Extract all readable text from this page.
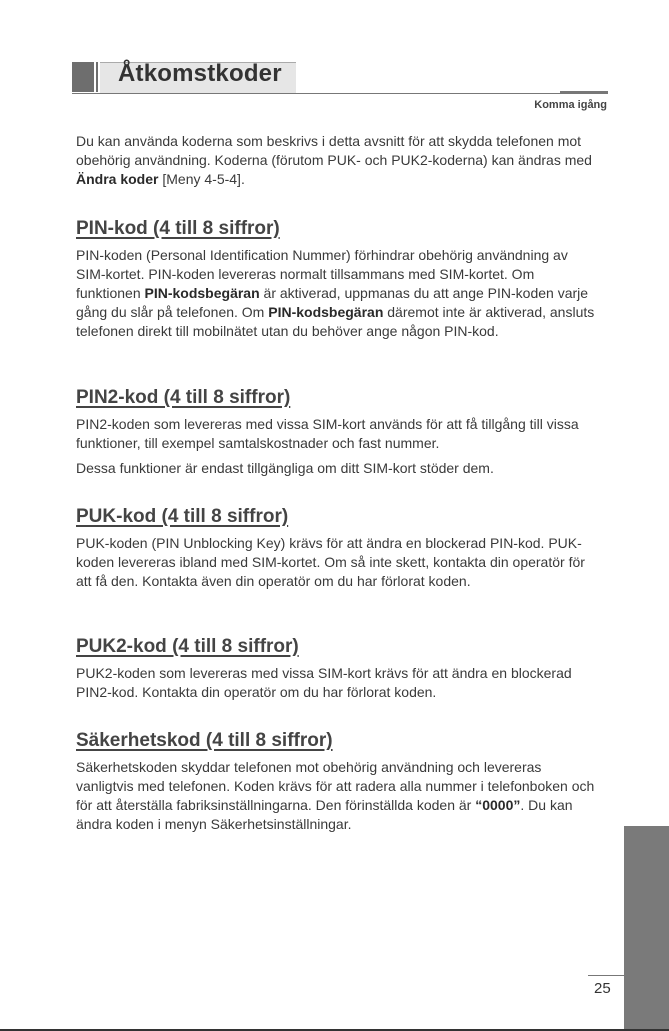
Åtkomstkoder
Komma igång

Du kan använda koderna som beskrivs i detta avsnitt för att skydda telefonen mot obehörig användning. Koderna (förutom PUK- och PUK2-koderna) kan ändras med Ändra koder [Meny 4-5-4].

PIN-kod (4 till 8 siffror)

PIN-koden (Personal Identification Nummer) förhindrar obehörig användning av SIM-kortet. PIN-koden levereras normalt tillsammans med SIM-kortet. Om funktionen PIN-kodsbegäran är aktiverad, uppmanas du att ange PIN-koden varje gång du slår på telefonen. Om PIN-kodsbegäran däremot inte är aktiverad, ansluts telefonen direkt till mobilnätet utan du behöver ange någon PIN-kod.

PIN2-kod (4 till 8 siffror)

PIN2-koden som levereras med vissa SIM-kort används för att få tillgång till vissa funktioner, till exempel samtalskostnader och fast nummer.

Dessa funktioner är endast tillgängliga om ditt SIM-kort stöder dem.

PUK-kod (4 till 8 siffror)

PUK-koden (PIN Unblocking Key) krävs för att ändra en blockerad PIN-kod. PUK-koden levereras ibland med SIM-kortet. Om så inte skett, kontakta din operatör för att få den. Kontakta även din operatör om du har förlorat koden.

PUK2-kod (4 till 8 siffror)

PUK2-koden som levereras med vissa SIM-kort krävs för att ändra en blockerad PIN2-kod. Kontakta din operatör om du har förlorat koden.

Säkerhetskod (4 till 8 siffror)

Säkerhetskoden skyddar telefonen mot obehörig användning och levereras vanligtvis med telefonen. Koden krävs för att radera alla nummer i telefonboken och för att återställa fabriksinställningarna. Den förinställda koden är “0000”. Du kan ändra koden i menyn Säkerhetsinställningar.

25
